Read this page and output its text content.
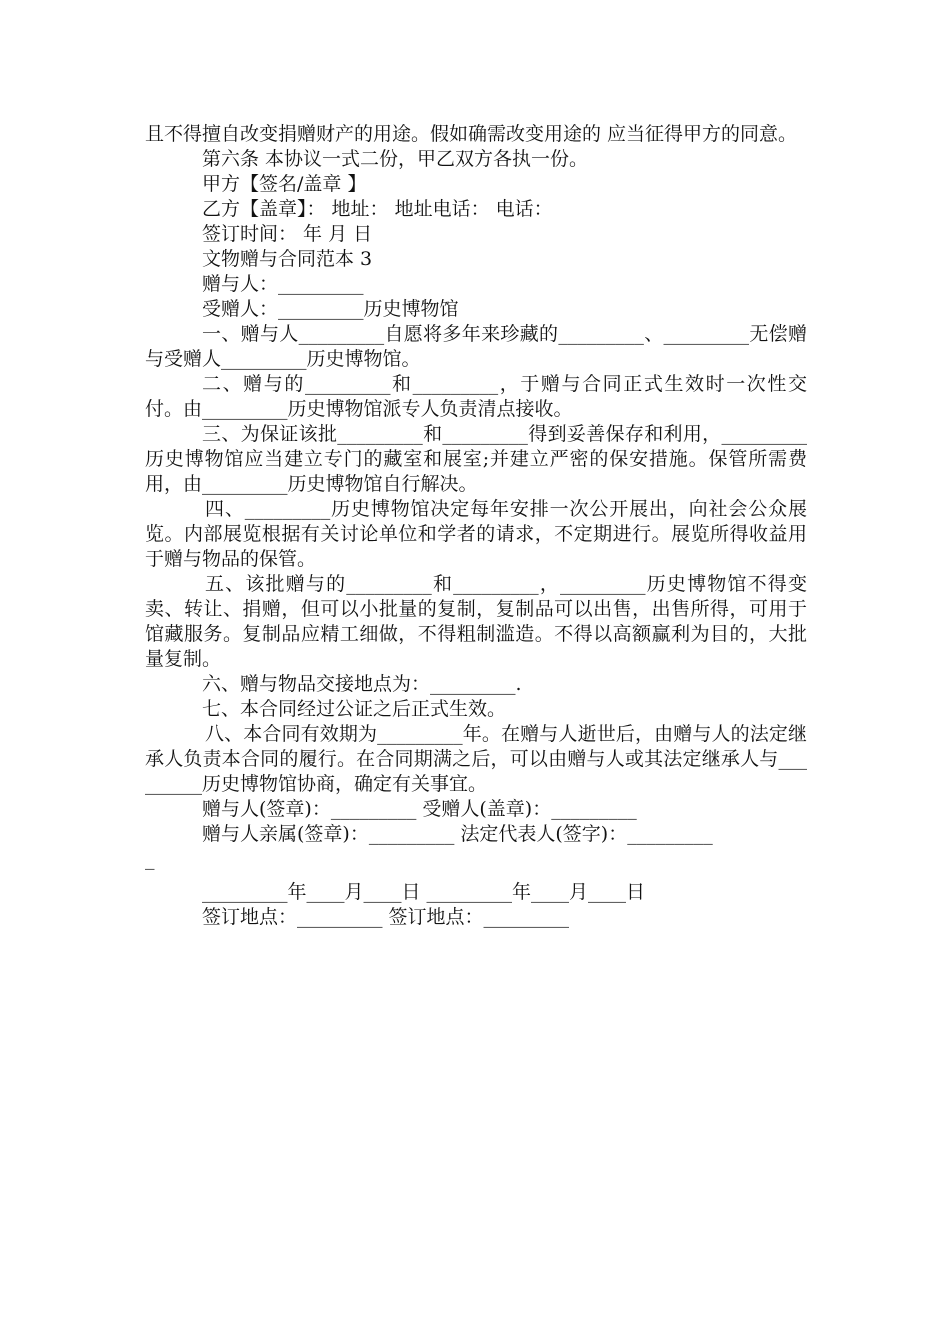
且不得擅自改变捐赠财产的用途。假如确需改变用途的 应当征得甲方的同意。

第六条 本协议一式二份，甲乙双方各执一份。

甲方【签名/盖章 】

乙方【盖章】： 地址： 地址电话： 电话：

签订时间： 年 月 日

文物赠与合同范本 3

赠与人：_________

受赠人：_________历史博物馆

一、赠与人_________自愿将多年来珍藏的_________、_________无偿赠与受赠人_________历史博物馆。

二、赠与的_________和_________，于赠与合同正式生效时一次性交付。由_________历史博物馆派专人负责清点接收。

三、为保证该批_________和_________得到妥善保存和利用，_________历史博物馆应当建立专门的藏室和展室;并建立严密的保安措施。保管所需费用，由_________历史博物馆自行解决。

四、_________历史博物馆决定每年安排一次公开展出，向社会公众展览。内部展览根据有关讨论单位和学者的请求，不定期进行。展览所得收益用于赠与物品的保管。

五、该批赠与的_________和_________，_________历史博物馆不得变卖、转让、捐赠，但可以小批量的复制，复制品可以出售，出售所得，可用于馆藏服务。复制品应精工细做，不得粗制滥造。不得以高额赢利为目的，大批量复制。

六、赠与物品交接地点为：_________.

七、本合同经过公证之后正式生效。

八、本合同有效期为_________年。在赠与人逝世后，由赠与人的法定继承人负责本合同的履行。在合同期满之后，可以由赠与人或其法定继承人与_________历史博物馆协商，确定有关事宜。

赠与人(签章)：_________ 受赠人(盖章)：_________

赠与人亲属(签章)：_________ 法定代表人(签字)：_________

_

_________年____月____日 _________年____月____日

签订地点：_________ 签订地点：_________
